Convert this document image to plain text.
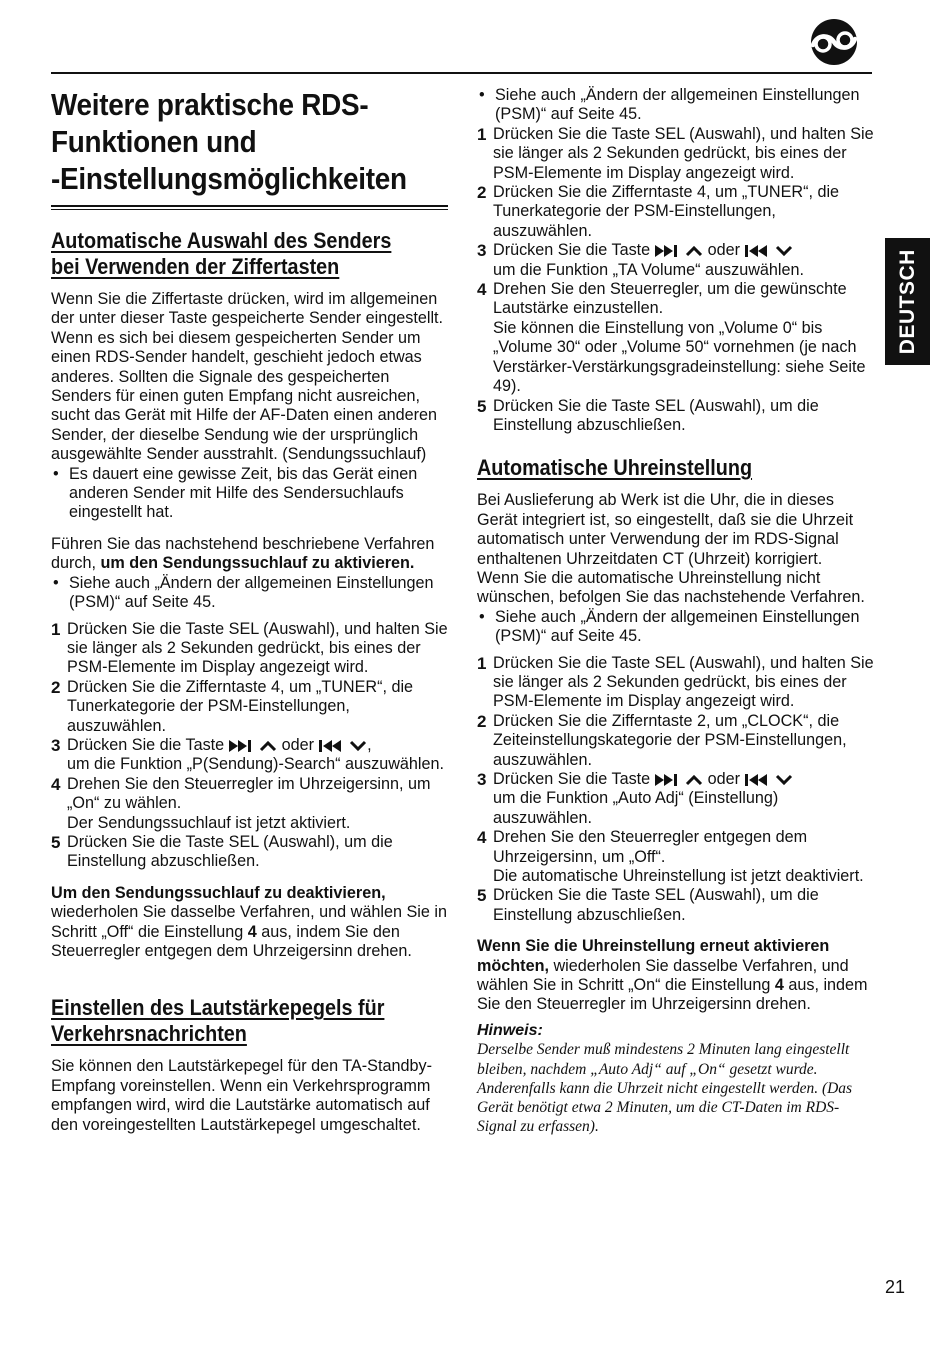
DEUTSCH
Weitere praktische RDS-
Funktionen und
-Einstellungsmöglichkeiten
Automatische Auswahl des Senders
bei Verwenden der Ziffertasten

Wenn Sie die Ziffertaste drücken, wird im allgemeinen der unter dieser Taste gespeicherte Sender eingestellt.

Wenn es sich bei diesem gespeicherten Sender um einen RDS-Sender handelt, geschieht jedoch etwas anderes. Sollten die Signale des gespeicherten Senders für einen guten Empfang nicht ausreichen, sucht das Gerät mit Hilfe der AF-Daten einen anderen Sender, der dieselbe Sendung wie der ursprünglich ausgewählte Sender ausstrahlt. (Sendungssuchlauf)

• Es dauert eine gewisse Zeit, bis das Gerät einen anderen Sender mit Hilfe des Sendersuchlaufs eingestellt hat.

Führen Sie das nachstehend beschriebene Verfahren durch, um den Sendungssuchlauf zu aktivieren.

• Siehe auch „Ändern der allgemeinen Einstellungen (PSM)“ auf Seite 45.
1 Drücken Sie die Taste SEL (Auswahl), und halten Sie sie länger als 2 Sekunden gedrückt, bis eines der PSM-Elemente im Display angezeigt wird.
2 Drücken Sie die Zifferntaste 4, um „TUNER“, die Tunerkategorie der PSM-Einstellungen, auszuwählen.
3 Drücken Sie die Taste	oder	,
um die Funktion „P(Sendung)-Search“ auszuwählen.
4 Drehen Sie den Steuerregler im Uhrzeigersinn, um „On“ zu wählen.
Der Sendungssuchlauf ist jetzt aktiviert.
5 Drücken Sie die Taste SEL (Auswahl), um die Einstellung abzuschließen.

Um den Sendungssuchlauf zu deaktivieren, wiederholen Sie dasselbe Verfahren, und wählen Sie in Schritt „Off“ die Einstellung 4 aus, indem Sie den Steuerregler entgegen dem Uhrzeigersinn drehen.

Einstellen des Lautstärkepegels für
Verkehrsnachrichten

Sie können den Lautstärkepegel für den TA-Standby-Empfang voreinstellen. Wenn ein Verkehrsprogramm empfangen wird, wird die Lautstärke automatisch auf den voreingestellten Lautstärkepegel umgeschaltet.

• Siehe auch „Ändern der allgemeinen Einstellungen (PSM)“ auf Seite 45.
1 Drücken Sie die Taste SEL (Auswahl), und halten Sie sie länger als 2 Sekunden gedrückt, bis eines der PSM-Elemente im Display angezeigt wird.
2 Drücken Sie die Zifferntaste 4, um „TUNER“, die Tunerkategorie der PSM-Einstellungen, auszuwählen.
3 Drücken Sie die Taste	oder
um die Funktion „TA Volume“ auszuwählen.
4 Drehen Sie den Steuerregler, um die gewünschte Lautstärke einzustellen.
Sie können die Einstellung von „Volume 0“ bis „Volume 30“ oder „Volume 50“ vornehmen (je nach Verstärker-Verstärkungsgradeinstellung: siehe Seite 49).
5 Drücken Sie die Taste SEL (Auswahl), um die Einstellung abzuschließen.
Automatische Uhreinstellung

Bei Auslieferung ab Werk ist die Uhr, die in dieses Gerät integriert ist, so eingestellt, daß sie die Uhrzeit automatisch unter Verwendung der im RDS-Signal enthaltenen Uhrzeitdaten CT (Uhrzeit) korrigiert.

Wenn Sie die automatische Uhreinstellung nicht wünschen, befolgen Sie das nachstehende Verfahren.

• Siehe auch „Ändern der allgemeinen Einstellungen (PSM)“ auf Seite 45.
1 Drücken Sie die Taste SEL (Auswahl), und halten Sie sie länger als 2 Sekunden gedrückt, bis eines der PSM-Elemente im Display angezeigt wird.
2 Drücken Sie die Zifferntaste 2, um „CLOCK“, die Zeiteinstellungskategorie der PSM-Einstellungen, auszuwählen.
3 Drücken Sie die Taste	oder
um die Funktion „Auto Adj“ (Einstellung) auszuwählen.
4 Drehen Sie den Steuerregler entgegen dem Uhrzeigersinn, um „Off“.
Die automatische Uhreinstellung ist jetzt deaktiviert.
5 Drücken Sie die Taste SEL (Auswahl), um die Einstellung abzuschließen.

Wenn Sie die Uhreinstellung erneut aktivieren möchten, wiederholen Sie dasselbe Verfahren, und wählen Sie in Schritt „On“ die Einstellung 4 aus, indem Sie den Steuerregler im Uhrzeigersinn drehen.

Hinweis:

Derselbe Sender muß mindestens 2 Minuten lang eingestellt bleiben, nachdem „Auto Adj“ auf „On“ gesetzt wurde. Anderenfalls kann die Uhrzeit nicht eingestellt werden. (Das Gerät benötigt etwa 2 Minuten, um die CT-Daten im RDS-Signal zu erfassen).

21
